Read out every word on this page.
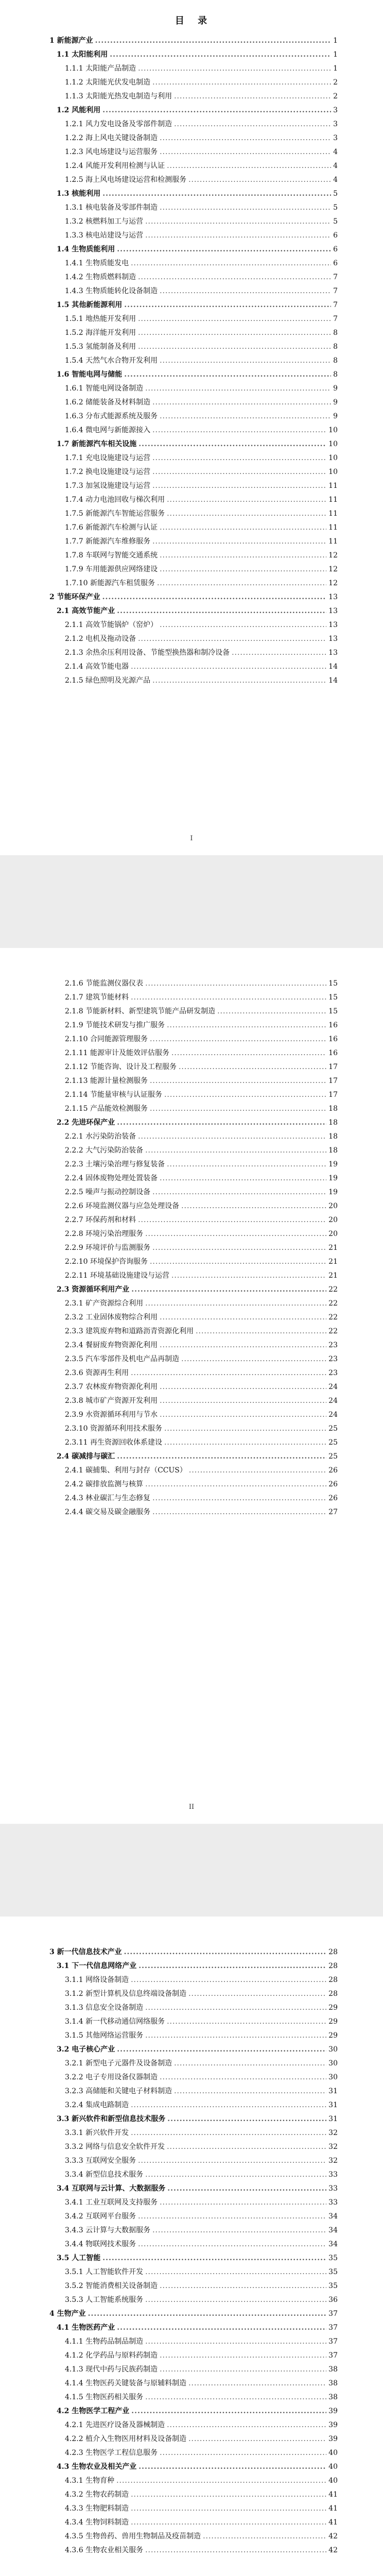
目 录
1 新能源产业 .....	1
1.1 太阳能利用 .....	1
1.1.1 太阳能产品制造 .....	1
1.1.2 太阳能光伏发电制造 .....	2
1.1.3 太阳能光热发电制造与利用 .....	2
1.2 风能利用 .....	3
1.2.1 风力发电设备及零部件制造 .....	3
1.2.2 海上风电关键设备制造 .....	3
1.2.3 风电场建设与运营服务 .....	4
1.2.4 风能开发利用检测与认证 .....	4
1.2.5 海上风电场建设运营和检测服务 .....	4
1.3 核能利用 .....	5
1.3.1 核电装备及零部件制造 .....	5
1.3.2 核燃料加工与运营 .....	5
1.3.3 核电站建设与运营 .....	6
1.4 生物质能利用 .....	6
1.4.1 生物质能发电 .....	6
1.4.2 生物质燃料制造 .....	7
1.4.3 生物质能转化设备制造 .....	7
1.5 其他新能源利用 .....	7
1.5.1 地热能开发利用 .....	7
1.5.2 海洋能开发利用 .....	8
1.5.3 氢能制备及利用 .....	8
1.5.4 天然气水合物开发利用 .....	8
1.6 智能电网与储能 .....	8
1.6.1 智能电网设备制造 .....	9
1.6.2 储能装备及材料制造 .....	9
1.6.3 分布式能源系统及服务 .....	9
1.6.4 微电网与新能源接入 .....	10
1.7 新能源汽车相关设施 .....	10
1.7.1 充电设施建设与运营 .....	10
1.7.2 换电设施建设与运营 .....	10
1.7.3 加氢设施建设与运营 .....	11
1.7.4 动力电池回收与梯次利用 .....	11
1.7.5 新能源汽车智能运营服务 .....	11
1.7.6 新能源汽车检测与认证 .....	11
1.7.7 新能源汽车维修服务 .....	11
1.7.8 车联网与智能交通系统 .....	12
1.7.9 车用能源供应网络建设 .....	12
1.7.10 新能源汽车租赁服务 .....	12
2 节能环保产业 .....	13
2.1 高效节能产业 .....	13
2.1.1 高效节能锅炉（窑炉） .....	13
2.1.2 电机及拖动设备 .....	13
2.1.3 余热余压利用设备、节能型换热器和制冷设备 .....	13
2.1.4 高效节能电器 .....	14
2.1.5 绿色照明及光源产品 .....	14
I
2.1.6 节能监测仪器仪表 .....	15
2.1.7 建筑节能材料 .....	15
2.1.8 节能新材料、新型建筑节能产品研发制造 .....	15
2.1.9 节能技术研发与推广服务 .....	16
2.1.10 合同能源管理服务 .....	16
2.1.11 能源审计及能效评估服务 .....	16
2.1.12 节能咨询、设计及工程服务 .....	17
2.1.13 能源计量检测服务 .....	17
2.1.14 节能量审核与认证服务 .....	17
2.1.15 产品能效检测服务 .....	18
2.2 先进环保产业 .....	18
2.2.1 水污染防治装备 .....	18
2.2.2 大气污染防治装备 .....	18
2.2.3 土壤污染治理与修复装备 .....	19
2.2.4 固体废物处理处置装备 .....	19
2.2.5 噪声与振动控制设备 .....	19
2.2.6 环境监测仪器与应急处理设备 .....	20
2.2.7 环保药剂和材料 .....	20
2.2.8 环境污染治理服务 .....	20
2.2.9 环境评价与监测服务 .....	21
2.2.10 环境保护咨询服务 .....	21
2.2.11 环境基础设施建设与运营 .....	21
2.3 资源循环利用产业 .....	22
2.3.1 矿产资源综合利用 .....	22
2.3.2 工业固体废物综合利用 .....	22
2.3.3 建筑废弃物和道路沥青资源化利用 .....	22
2.3.4 餐厨废弃物资源化利用 .....	23
2.3.5 汽车零部件及机电产品再制造 .....	23
2.3.6 资源再生利用 .....	23
2.3.7 农林废弃物资源化利用 .....	24
2.3.8 城市矿产资源开发利用 .....	24
2.3.9 水资源循环利用与节水 .....	24
2.3.10 资源循环利用技术服务 .....	25
2.3.11 再生资源回收体系建设 .....	25
2.4 碳减排与碳汇 .....	25
2.4.1 碳捕集、利用与封存（CCUS） .....	26
2.4.2 碳排放监测与核算 .....	26
2.4.3 林业碳汇与生态修复 .....	26
2.4.4 碳交易及碳金融服务 .....	27
II
3 新一代信息技术产业 .....	28
3.1 下一代信息网络产业 .....	28
3.1.1 网络设备制造 .....	28
3.1.2 新型计算机及信息终端设备制造 .....	28
3.1.3 信息安全设备制造 .....	29
3.1.4 新一代移动通信网络服务 .....	29
3.1.5 其他网络运营服务 .....	29
3.2 电子核心产业 .....	30
3.2.1 新型电子元器件及设备制造 .....	30
3.2.2 电子专用设备仪器制造 .....	30
3.2.3 高储能和关键电子材料制造 .....	31
3.2.4 集成电路制造 .....	31
3.3 新兴软件和新型信息技术服务 .....	31
3.3.1 新兴软件开发 .....	32
3.3.2 网络与信息安全软件开发 .....	32
3.3.3 互联网安全服务 .....	32
3.3.4 新型信息技术服务 .....	33
3.4 互联网与云计算、大数据服务 .....	33
3.4.1 工业互联网及支持服务 .....	33
3.4.2 互联网平台服务 .....	34
3.4.3 云计算与大数据服务 .....	34
3.4.4 物联网技术服务 .....	34
3.5 人工智能 .....	35
3.5.1 人工智能软件开发 .....	35
3.5.2 智能消费相关设备制造 .....	35
3.5.3 人工智能系统服务 .....	36
4 生物产业 .....	37
4.1 生物医药产业 .....	37
4.1.1 生物药品制品制造 .....	37
4.1.2 化学药品与原料药制造 .....	37
4.1.3 现代中药与民族药制造 .....	38
4.1.4 生物医药关键装备与原辅料制造 .....	38
4.1.5 生物医药相关服务 .....	38
4.2 生物医学工程产业 .....	39
4.2.1 先进医疗设备及器械制造 .....	39
4.2.2 植介入生物医用材料及设备制造 .....	39
4.2.3 生物医学工程信息服务 .....	40
4.3 生物农业及相关产业 .....	40
4.3.1 生物育种 .....	40
4.3.2 生物农药制造 .....	41
4.3.3 生物肥料制造 .....	41
4.3.4 生物饲料制造 .....	41
4.3.5 生物兽药、兽用生物制品及疫苗制造 .....	42
4.3.6 生物农业相关服务 .....	42
